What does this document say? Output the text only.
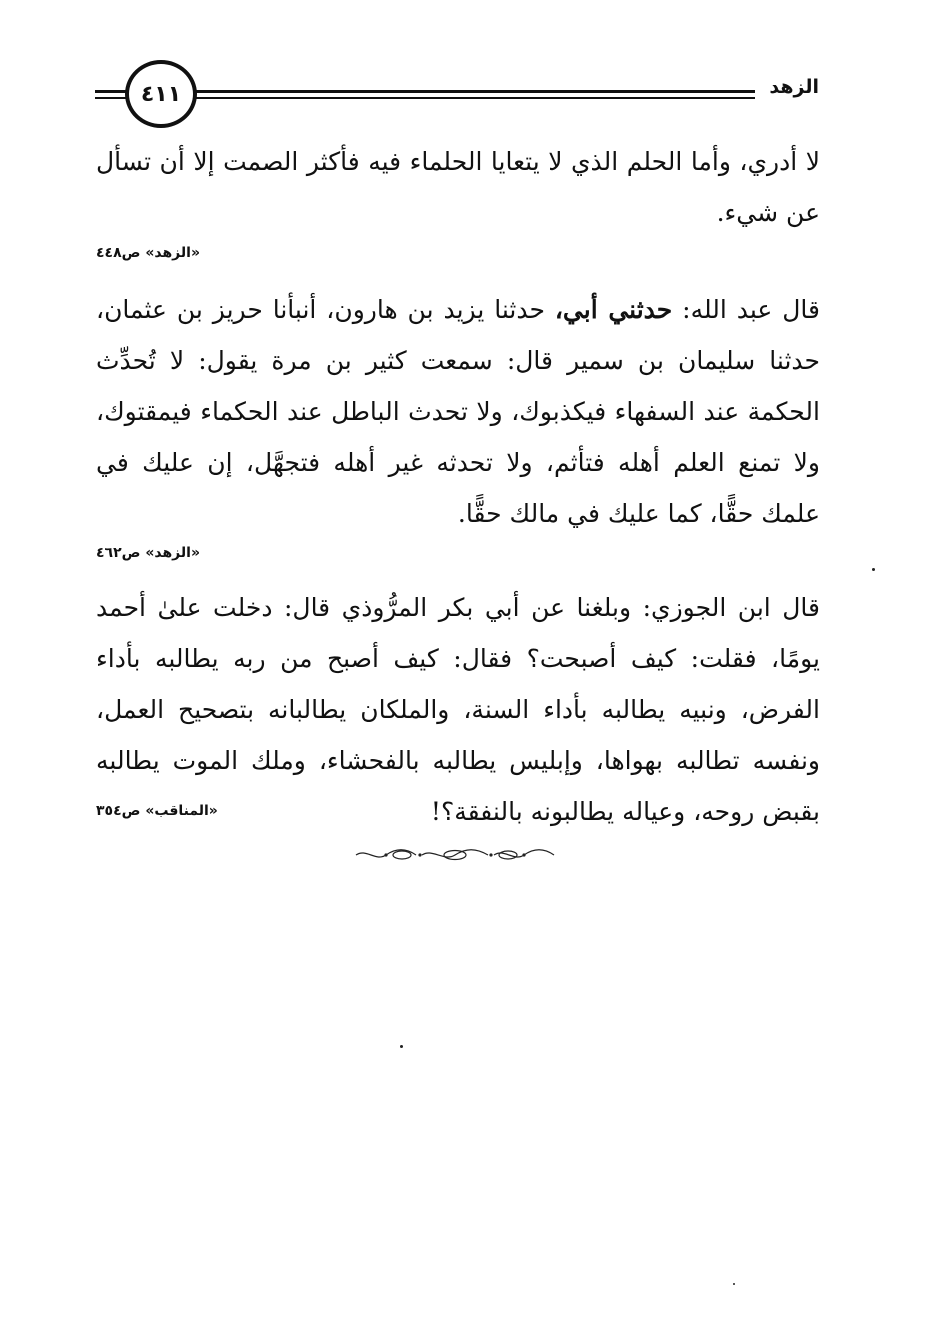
الزهد
٤١١

لا أدري، وأما الحلم الذي لا يتعايا الحلماء فيه فأكثر الصمت إلا أن تسأل عن شيء.

«الزهد» ص٤٤٨

قال عبد الله: حدثني أبي، حدثنا يزيد بن هارون، أنبأنا حريز بن عثمان، حدثنا سليمان بن سمير قال: سمعت كثير بن مرة يقول: لا تُحدِّث الحكمة عند السفهاء فيكذبوك، ولا تحدث الباطل عند الحكماء فيمقتوك، ولا تمنع العلم أهله فتأثم، ولا تحدثه غير أهله فتجهَّل، إن عليك في علمك حقًّا، كما عليك في مالك حقًّا.

«الزهد» ص٤٦٢

قال ابن الجوزي: وبلغنا عن أبي بكر المرُّوذي قال: دخلت علىٰ أحمد يومًا، فقلت: كيف أصبحت؟ فقال: كيف أصبح من ربه يطالبه بأداء الفرض، ونبيه يطالبه بأداء السنة، والملكان يطالبانه بتصحيح العمل، ونفسه تطالبه بهواها، وإبليس يطالبه بالفحشاء، وملك الموت يطالبه بقبض روحه، وعياله يطالبونه بالنفقة؟!

«المناقب» ص٣٥٤
